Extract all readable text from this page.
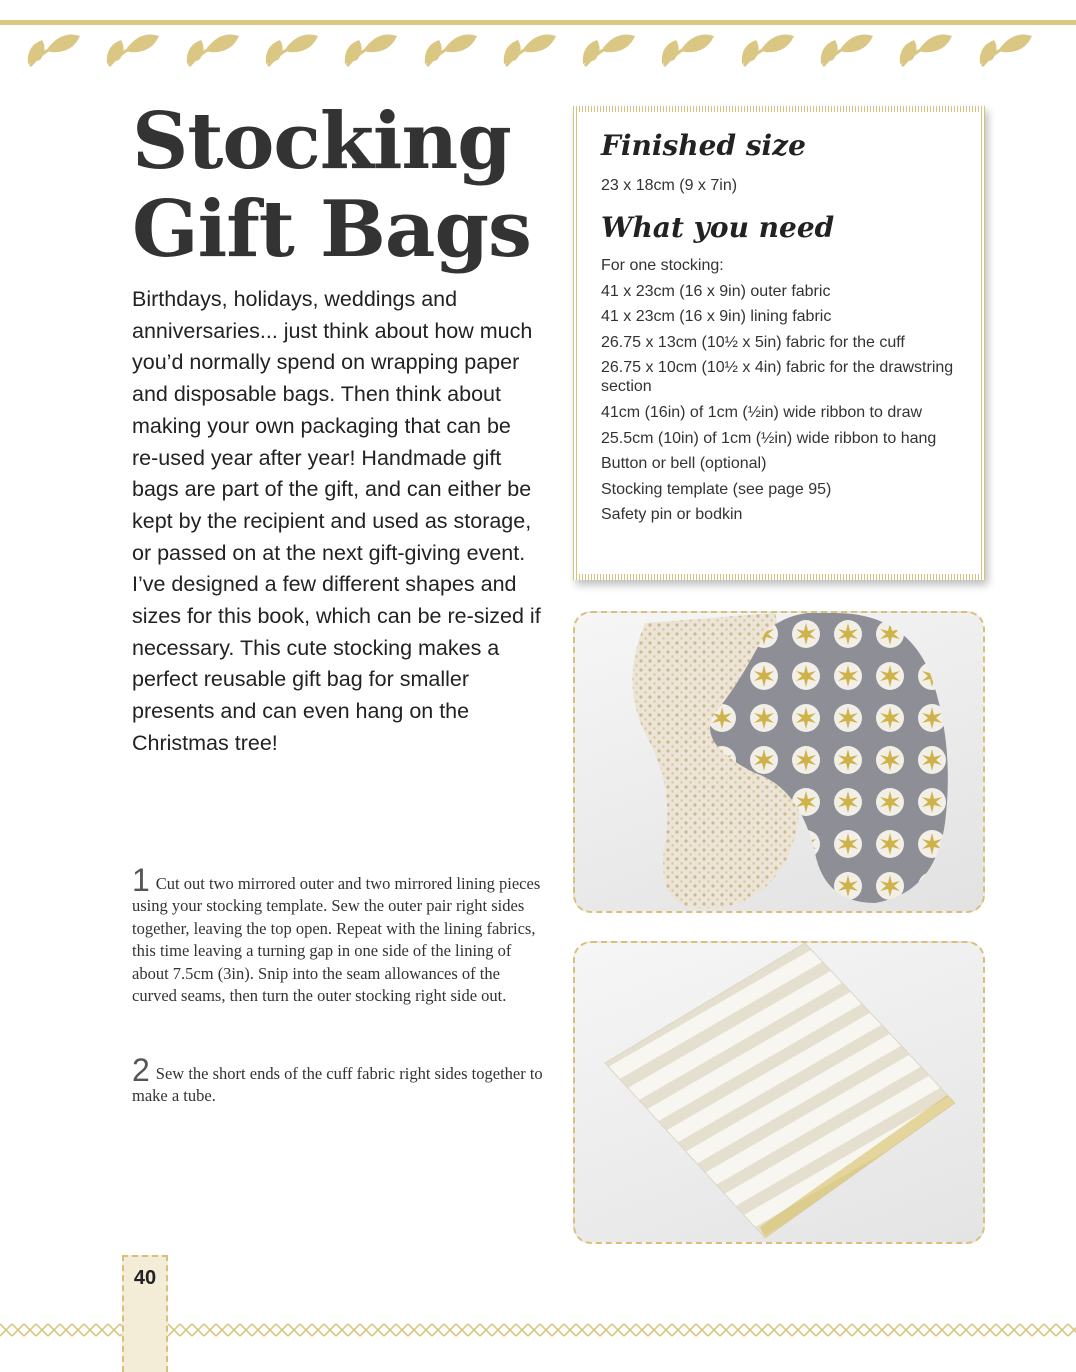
Stocking
Gift Bags

Birthdays, holidays, weddings and anniversaries... just think about how much you’d normally spend on wrapping paper and disposable bags. Then think about making your own packaging that can be re-used year after year! Handmade gift bags are part of the gift, and can either be kept by the recipient and used as storage, or passed on at the next gift-giving event. I’ve designed a few different shapes and sizes for this book, which can be re-sized if necessary. This cute stocking makes a perfect reusable gift bag for smaller presents and can even hang on the Christmas tree!

Finished size
23 x 18cm (9 x 7in)
What you need
For one stocking:
41 x 23cm (16 x 9in) outer fabric
41 x 23cm (16 x 9in) lining fabric
26.75 x 13cm (10½ x 5in) fabric for the cuff
26.75 x 10cm (10½ x 4in) fabric for the drawstring section
41cm (16in) of 1cm (½in) wide ribbon to draw
25.5cm (10in) of 1cm (½in) wide ribbon to hang
Button or bell (optional)
Stocking template (see page 95)
Safety pin or bodkin
1 Cut out two mirrored outer and two mirrored lining pieces using your stocking template. Sew the outer pair right sides together, leaving the top open. Repeat with the lining fabrics, this time leaving a turning gap in one side of the lining of about 7.5cm (3in). Snip into the seam allowances of the curved seams, then turn the outer stocking right side out.
2 Sew the short ends of the cuff fabric right sides together to make a tube.
40
